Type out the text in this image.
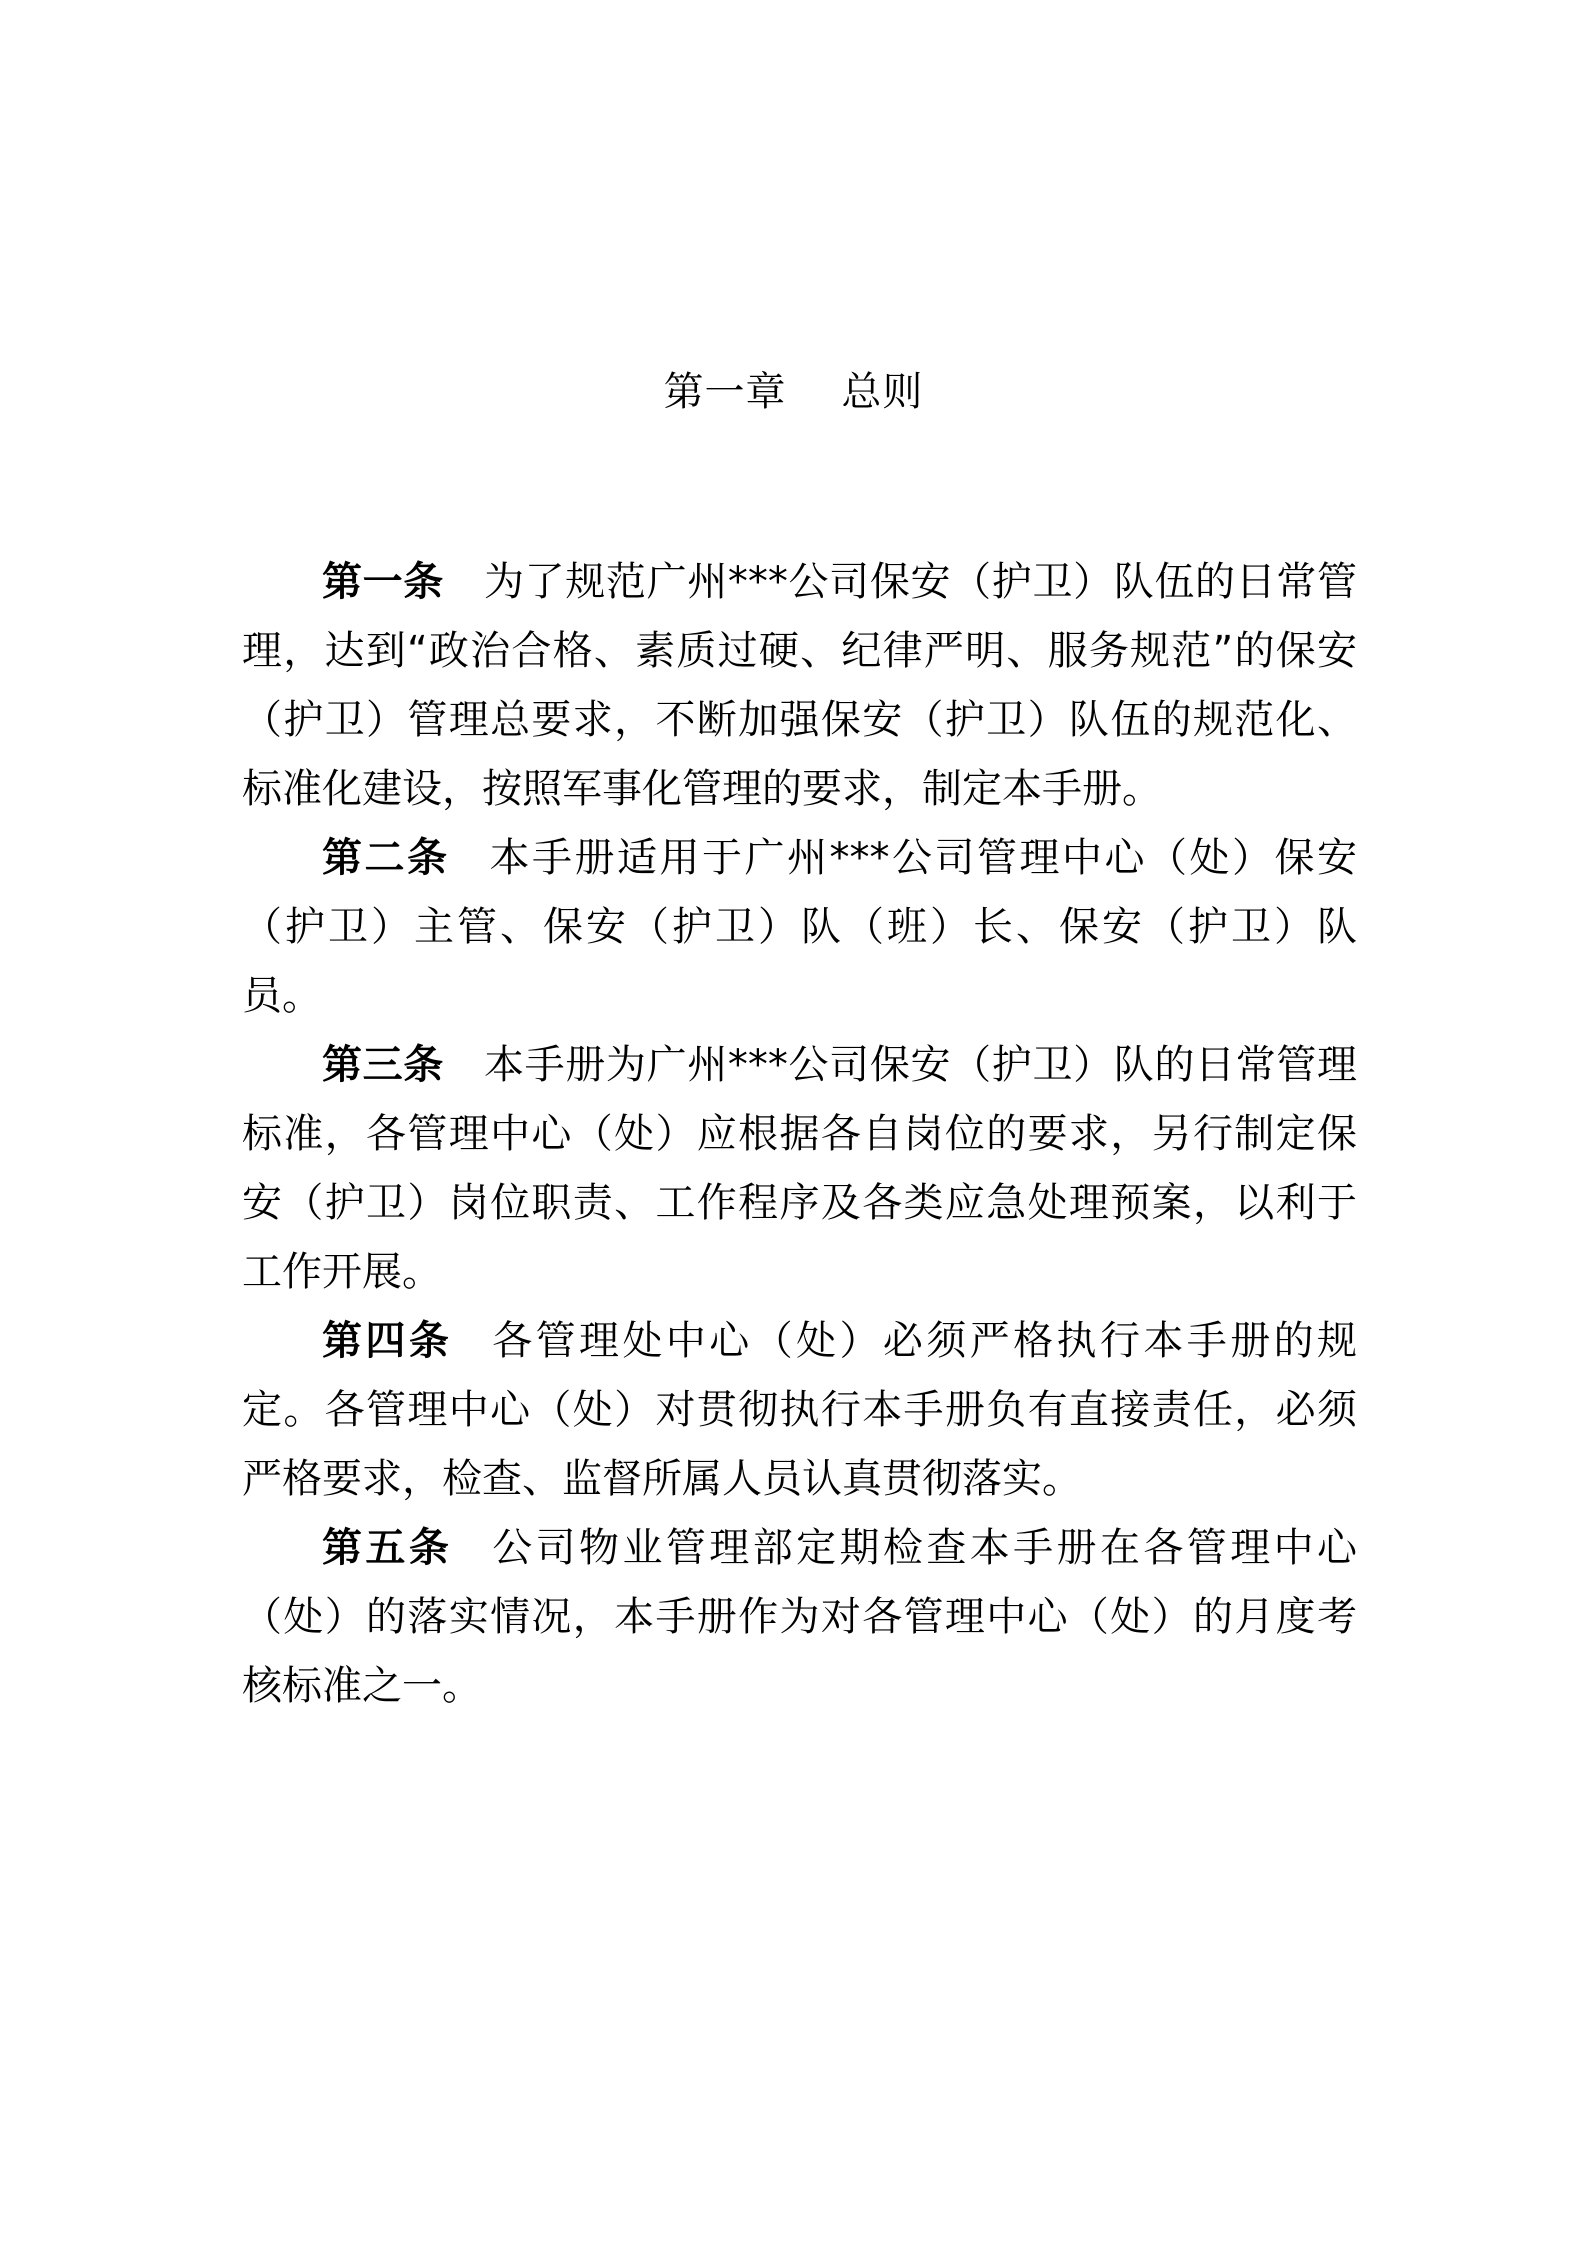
第一章    总则

第一条 为了规范广州***公司保安（护卫）队伍的日常管理，达到“政治合格、素质过硬、纪律严明、服务规范”的保安（护卫）管理总要求，不断加强保安（护卫）队伍的规范化、标准化建设，按照军事化管理的要求，制定本手册。

第二条 本手册适用于广州***公司管理中心（处）保安（护卫）主管、保安（护卫）队（班）长、保安（护卫）队员。

第三条 本手册为广州***公司保安（护卫）队的日常管理标准，各管理中心（处）应根据各自岗位的要求，另行制定保安（护卫）岗位职责、工作程序及各类应急处理预案，以利于工作开展。

第四条 各管理处中心（处）必须严格执行本手册的规定。各管理中心（处）对贯彻执行本手册负有直接责任，必须严格要求，检查、监督所属人员认真贯彻落实。

第五条 公司物业管理部定期检查本手册在各管理中心（处）的落实情况，本手册作为对各管理中心（处）的月度考核标准之一。
